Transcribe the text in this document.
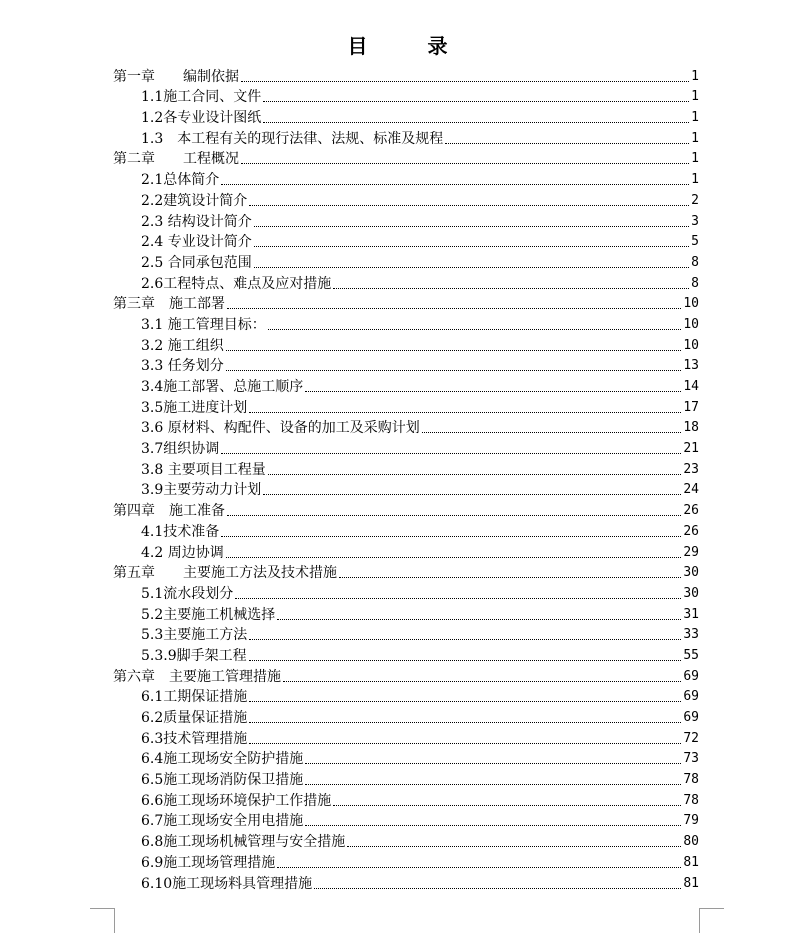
目　录
第一章　　编制依据	1
1.1施工合同、文件	1
1.2各专业设计图纸	1
1.3　本工程有关的现行法律、法规、标准及规程	1
第二章　　工程概况	1
2.1总体简介	1
2.2建筑设计简介	2
2.3 结构设计简介	3
2.4 专业设计简介	5
2.5 合同承包范围	8
2.6工程特点、难点及应对措施	8
第三章　施工部署	10
3.1 施工管理目标：	10
3.2 施工组织	10
3.3 任务划分	13
3.4施工部署、总施工顺序	14
3.5施工进度计划	17
3.6 原材料、构配件、设备的加工及采购计划	18
3.7组织协调	21
3.8 主要项目工程量	23
3.9主要劳动力计划	24
第四章　施工准备	26
4.1技术准备	26
4.2 周边协调	29
第五章　　主要施工方法及技术措施	30
5.1流水段划分	30
5.2主要施工机械选择	31
5.3主要施工方法	33
5.3.9脚手架工程	55
第六章　主要施工管理措施	69
6.1工期保证措施	69
6.2质量保证措施	69
6.3技术管理措施	72
6.4施工现场安全防护措施	73
6.5施工现场消防保卫措施	78
6.6施工现场环境保护工作措施	78
6.7施工现场安全用电措施	79
6.8施工现场机械管理与安全措施	80
6.9施工现场管理措施	81
6.10施工现场料具管理措施	81
